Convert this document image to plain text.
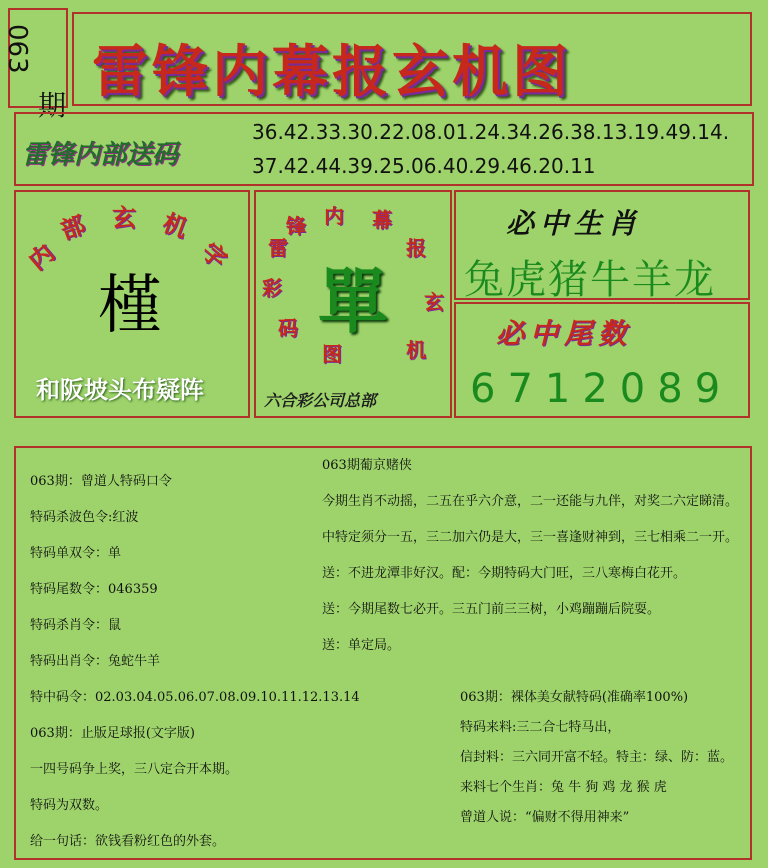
063
期
雷锋内幕报玄机图
雷锋内部送码
36.42.33.30.22.08.01.24.34.26.38.13.19.49.14.
37.42.44.39.25.06.40.29.46.20.11
内
部 玄 机
字
槿
和阪坡头布疑阵
雷
锋 内 幕
报
玄
机
图
码
彩 單
六合彩公司总部
必中生肖
兔虎猪牛羊龙
必中尾数
6712089
063期：曾道人特码口令
特码杀波色令:红波
特码单双令：单
特码尾数令：046359
特码杀肖令：鼠
特码出肖令：兔蛇牛羊
特中码令：02.03.04.05.06.07.08.09.10.11.12.13.14
063期：止版足球报(文字版)
一四号码争上奖，三八定合开本期。
特码为双数。
给一句话：欲钱看粉红色的外套。
063期葡京赌侠
今期生肖不动摇，二五在乎六介意，二一还能与九伴，对奖二六定睇清。
中特定须分一五，三二加六仍是大，三一喜逢财神到，三七相乘二一开。
送：不进龙潭非好汉。配：今期特码大门旺，三八寒梅白花开。
送：今期尾数七必开。三五门前三三树，小鸡蹦蹦后院耍。
送：单定局。
063期：裸体美女献特码(准确率100%)
特码来料:三二合七特马出，
信封料：三六同开富不轻。特主：绿、防：蓝。
来料七个生肖：兔 牛 狗 鸡 龙 猴 虎
曾道人说：“偏财不得用神来”
